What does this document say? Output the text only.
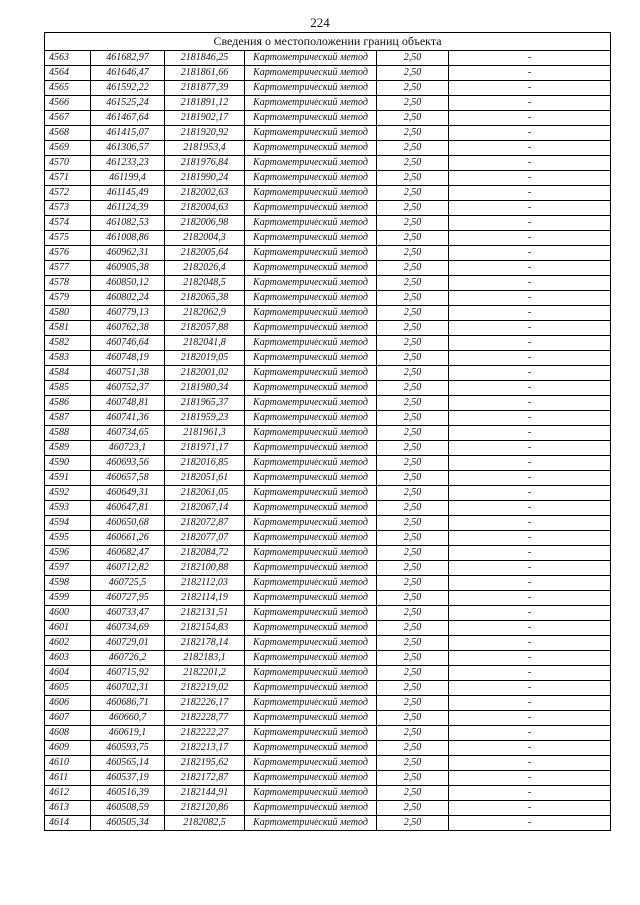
224
Сведения о местоположении границ объекта					
4563	461682,97	2181846,25	Картометрический метод	2,50	-
4564	461646,47	2181861,66	Картометрический метод	2,50	-
4565	461592,22	2181877,39	Картометрический метод	2,50	-
4566	461525,24	2181891,12	Картометрический метод	2,50	-
4567	461467,64	2181902,17	Картометрический метод	2,50	-
4568	461415,07	2181920,92	Картометрический метод	2,50	-
4569	461306,57	2181953,4	Картометрический метод	2,50	-
4570	461233,23	2181976,84	Картометрический метод	2,50	-
4571	461199,4	2181990,24	Картометрический метод	2,50	-
4572	461145,49	2182002,63	Картометрический метод	2,50	-
4573	461124,39	2182004,63	Картометрический метод	2,50	-
4574	461082,53	2182006,98	Картометрический метод	2,50	-
4575	461008,86	2182004,3	Картометрический метод	2,50	-
4576	460962,31	2182005,64	Картометрический метод	2,50	-
4577	460905,38	2182026,4	Картометрический метод	2,50	-
4578	460850,12	2182048,5	Картометрический метод	2,50	-
4579	460802,24	2182065,38	Картометрический метод	2,50	-
4580	460779,13	2182062,9	Картометрический метод	2,50	-
4581	460762,38	2182057,88	Картометрический метод	2,50	-
4582	460746,64	2182041,8	Картометрический метод	2,50	-
4583	460748,19	2182019,05	Картометрический метод	2,50	-
4584	460751,38	2182001,02	Картометрический метод	2,50	-
4585	460752,37	2181980,34	Картометрический метод	2,50	-
4586	460748,81	2181965,37	Картометрический метод	2,50	-
4587	460741,36	2181959,23	Картометрический метод	2,50	-
4588	460734,65	2181961,3	Картометрический метод	2,50	-
4589	460723,1	2181971,17	Картометрический метод	2,50	-
4590	460693,56	2182016,85	Картометрический метод	2,50	-
4591	460657,58	2182051,61	Картометрический метод	2,50	-
4592	460649,31	2182061,05	Картометрический метод	2,50	-
4593	460647,81	2182067,14	Картометрический метод	2,50	-
4594	460650,68	2182072,87	Картометрический метод	2,50	-
4595	460661,26	2182077,07	Картометрический метод	2,50	-
4596	460682,47	2182084,72	Картометрический метод	2,50	-
4597	460712,82	2182100,88	Картометрический метод	2,50	-
4598	460725,5	2182112,03	Картометрический метод	2,50	-
4599	460727,95	2182114,19	Картометрический метод	2,50	-
4600	460733,47	2182131,51	Картометрический метод	2,50	-
4601	460734,69	2182154,83	Картометрический метод	2,50	-
4602	460729,01	2182178,14	Картометрический метод	2,50	-
4603	460726,2	2182183,1	Картометрический метод	2,50	-
4604	460715,92	2182201,2	Картометрический метод	2,50	-
4605	460702,31	2182219,02	Картометрический метод	2,50	-
4606	460686,71	2182226,17	Картометрический метод	2,50	-
4607	460660,7	2182228,77	Картометрический метод	2,50	-
4608	460619,1	2182222,27	Картометрический метод	2,50	-
4609	460593,75	2182213,17	Картометрический метод	2,50	-
4610	460565,14	2182195,62	Картометрический метод	2,50	-
4611	460537,19	2182172,87	Картометрический метод	2,50	-
4612	460516,39	2182144,91	Картометрический метод	2,50	-
4613	460508,59	2182120,86	Картометрический метод	2,50	-
4614	460505,34	2182082,5	Картометрический метод	2,50	-
